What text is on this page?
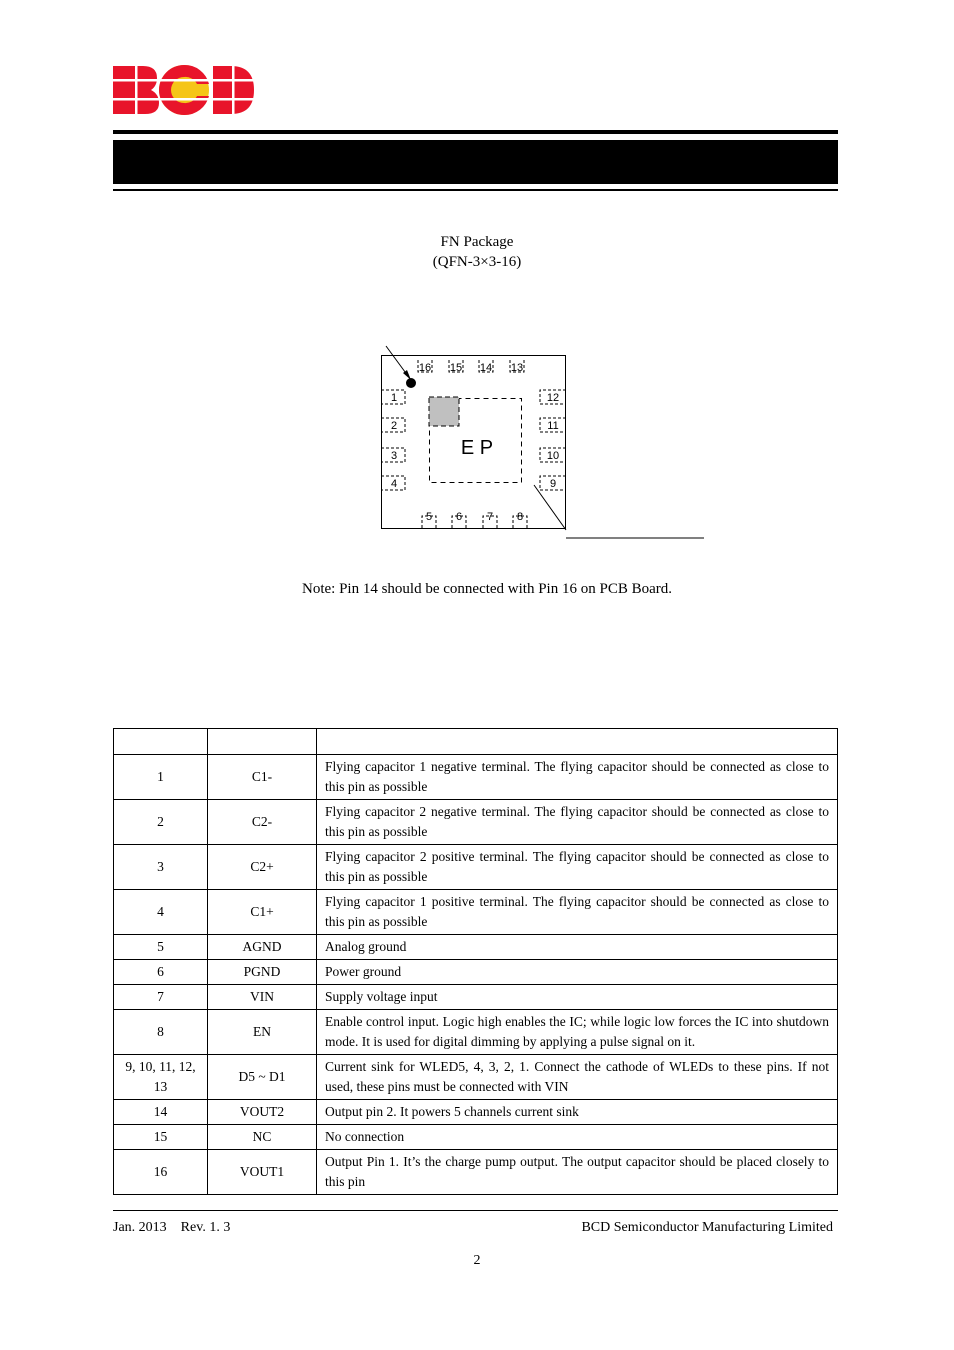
FN Package
(QFN-3×3-16)
E P
16 15 14 13
5 6 7 8
1
2
3
4
12
11
10
9
Note: Pin 14 should be connected with Pin 16 on PCB Board.

1	C1-	Flying capacitor 1 negative terminal. The flying capacitor should be connected as close to this pin as possible
2	C2-	Flying capacitor 2 negative terminal. The flying capacitor should be connected as close to this pin as possible
3	C2+	Flying capacitor 2 positive terminal. The flying capacitor should be connected as close to this pin as possible
4	C1+	Flying capacitor 1 positive terminal. The flying capacitor should be connected as close to this pin as possible
5	AGND	Analog ground
6	PGND	Power ground
7	VIN	Supply voltage input
8	EN	Enable control input. Logic high enables the IC; while logic low forces the IC into shutdown mode. It is used for digital dimming by applying a pulse signal on it.
9, 10, 11, 12, 13	D5 ~ D1	Current sink for WLED5, 4, 3, 2, 1. Connect the cathode of WLEDs to these pins. If not used, these pins must be connected with VIN
14	VOUT2	Output pin 2. It powers 5 channels current sink
15	NC	No connection
16	VOUT1	Output Pin 1. It’s the charge pump output. The output capacitor should be placed closely to this pin
Jan. 2013 Rev. 1. 3	BCD Semiconductor Manufacturing Limited
2
